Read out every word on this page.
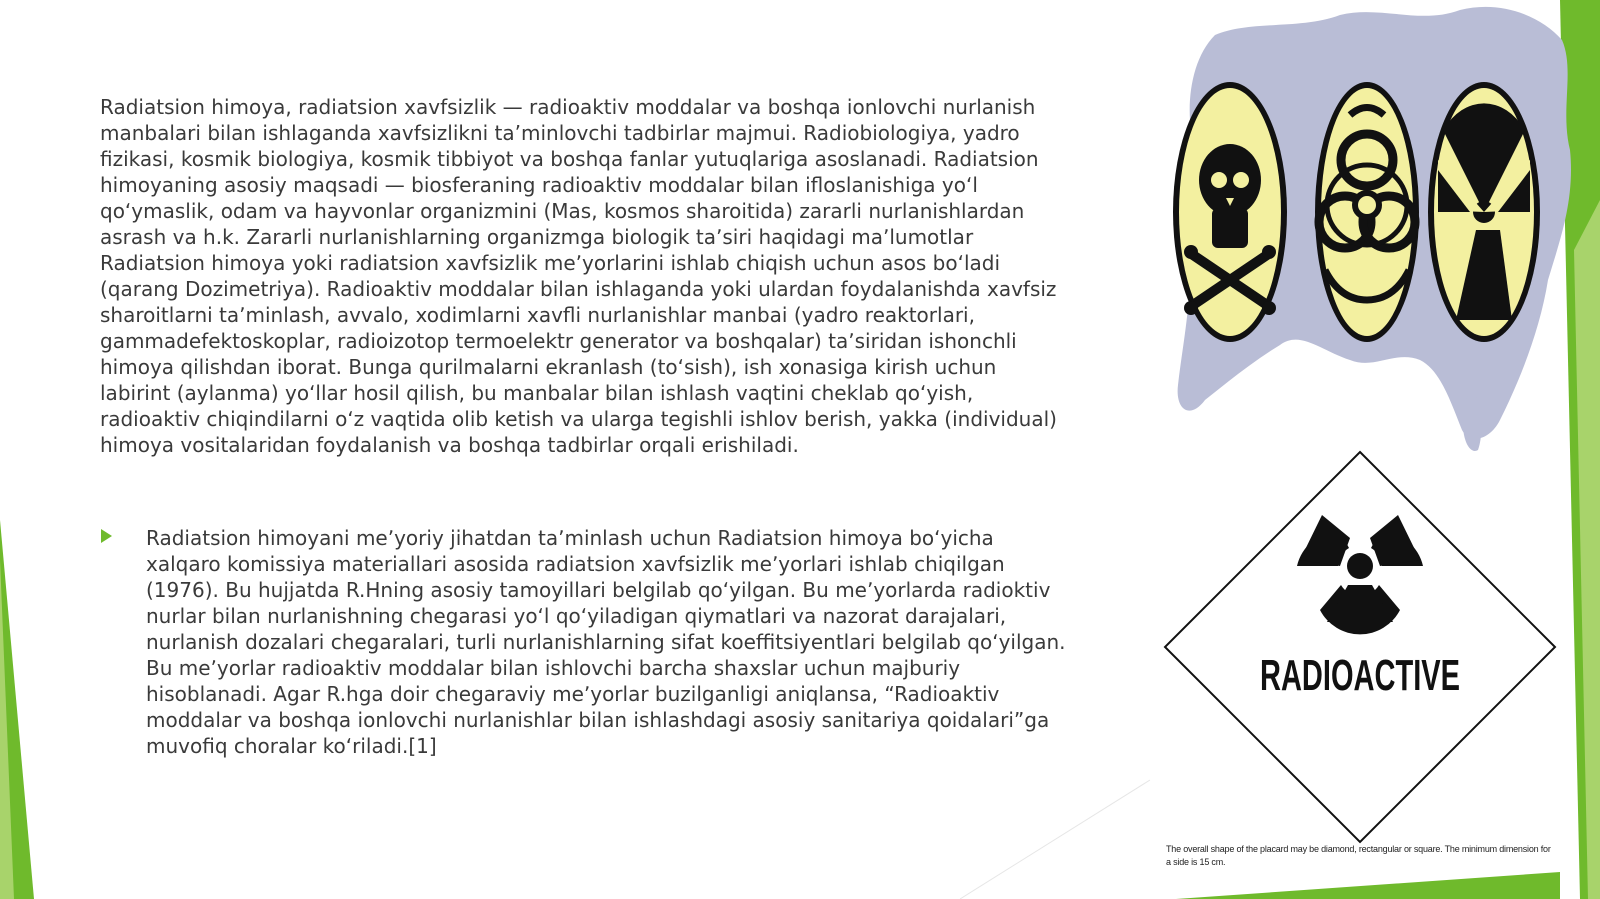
RADIOACTIVE

Radiatsion himoya, radiatsion xavfsizlik — radioaktiv moddalar va boshqa ionlovchi nurlanish manbalari bilan ishlaganda xavfsizlikni ta’minlovchi tadbirlar majmui. Radiobiologiya, yadro fizikasi, kosmik biologiya, kosmik tibbiyot va boshqa fanlar yutuqlariga asoslanadi. Radiatsion himoyaning asosiy maqsadi — biosferaning radioaktiv moddalar bilan ifloslanishiga yoʻl qoʻymaslik, odam va hayvonlar organizmini (Mas, kosmos sharoitida) zararli nurlanishlardan asrash va h.k. Zararli nurlanishlarning organizmga biologik taʼsiri haqidagi maʼlumotlar Radiatsion himoya yoki radiatsion xavfsizlik meʼyorlarini ishlab chiqish uchun asos boʻladi (qarang Dozimetriya). Radioaktiv moddalar bilan ishlaganda yoki ulardan foydalanishda xavfsiz sharoitlarni taʼminlash, avvalo, xodimlarni xavfli nurlanishlar manbai (yadro reaktorlari, gammadefektoskoplar, radioizotop termoelektr generator va boshqalar) taʼsiridan ishonchli himoya qilishdan iborat. Bunga qurilmalarni ekranlash (toʻsish), ish xonasiga kirish uchun labirint (aylanma) yoʻllar hosil qilish, bu manbalar bilan ishlash vaqtini cheklab qoʻyish, radioaktiv chiqindilarni oʻz vaqtida olib ketish va ularga tegishli ishlov berish, yakka (individual) himoya vositalaridan foydalanish va boshqa tadbirlar orqali erishiladi.

Radiatsion himoyani meʼyoriy jihatdan taʼminlash uchun Radiatsion himoya boʻyicha xalqaro komissiya materiallari asosida radiatsion xavfsizlik meʼyorlari ishlab chiqilgan (1976). Bu hujjatda R.Hning asosiy tamoyillari belgilab qoʻyilgan. Bu meʼyorlarda radioktiv nurlar bilan nurlanishning chegarasi yoʻl qoʻyiladigan qiymatlari va nazorat darajalari, nurlanish dozalari chegaralari, turli nurlanishlarning sifat koeffitsiyentlari belgilab qoʻyilgan. Bu meʼyorlar radioaktiv moddalar bilan ishlovchi barcha shaxslar uchun majburiy hisoblanadi. Agar R.hga doir chegaraviy meʼyorlar buzilganligi aniqlansa, “Radioaktiv moddalar va boshqa ionlovchi nurlanishlar bilan ishlashdagi asosiy sanitariya qoidalari”ga muvofiq choralar koʻriladi.[1]

The overall shape of the placard may be diamond, rectangular or square. The minimum dimension for a side is 15 cm.
